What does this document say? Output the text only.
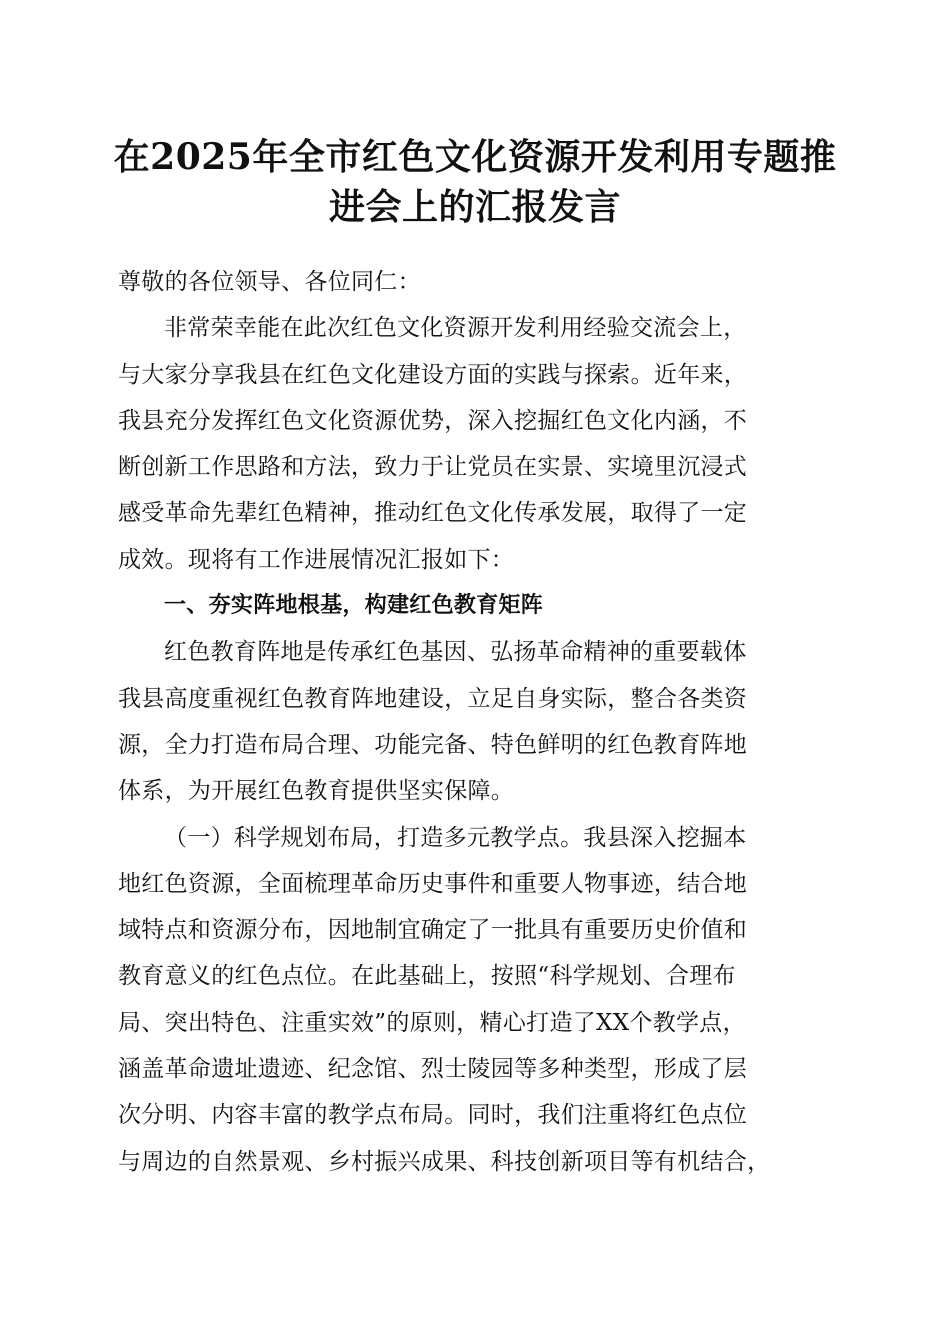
在2025年全市红色文化资源开发利用专题推
进会上的汇报发言

尊敬的各位领导、各位同仁：

非常荣幸能在此次红色文化资源开发利用经验交流会上，
与大家分享我县在红色文化建设方面的实践与探索。近年来，
我县充分发挥红色文化资源优势，深入挖掘红色文化内涵，不
断创新工作思路和方法，致力于让党员在实景、实境里沉浸式
感受革命先辈红色精神，推动红色文化传承发展，取得了一定
成效。现将有工作进展情况汇报如下：

一、夯实阵地根基，构建红色教育矩阵

红色教育阵地是传承红色基因、弘扬革命精神的重要载体
我县高度重视红色教育阵地建设，立足自身实际，整合各类资
源，全力打造布局合理、功能完备、特色鲜明的红色教育阵地
体系，为开展红色教育提供坚实保障。

（一）科学规划布局，打造多元教学点。我县深入挖掘本
地红色资源，全面梳理革命历史事件和重要人物事迹，结合地
域特点和资源分布，因地制宜确定了一批具有重要历史价值和
教育意义的红色点位。在此基础上，按照“科学规划、合理布
局、突出特色、注重实效”的原则，精心打造了XX个教学点，
涵盖革命遗址遗迹、纪念馆、烈士陵园等多种类型，形成了层
次分明、内容丰富的教学点布局。同时，我们注重将红色点位
与周边的自然景观、乡村振兴成果、科技创新项目等有机结合，
